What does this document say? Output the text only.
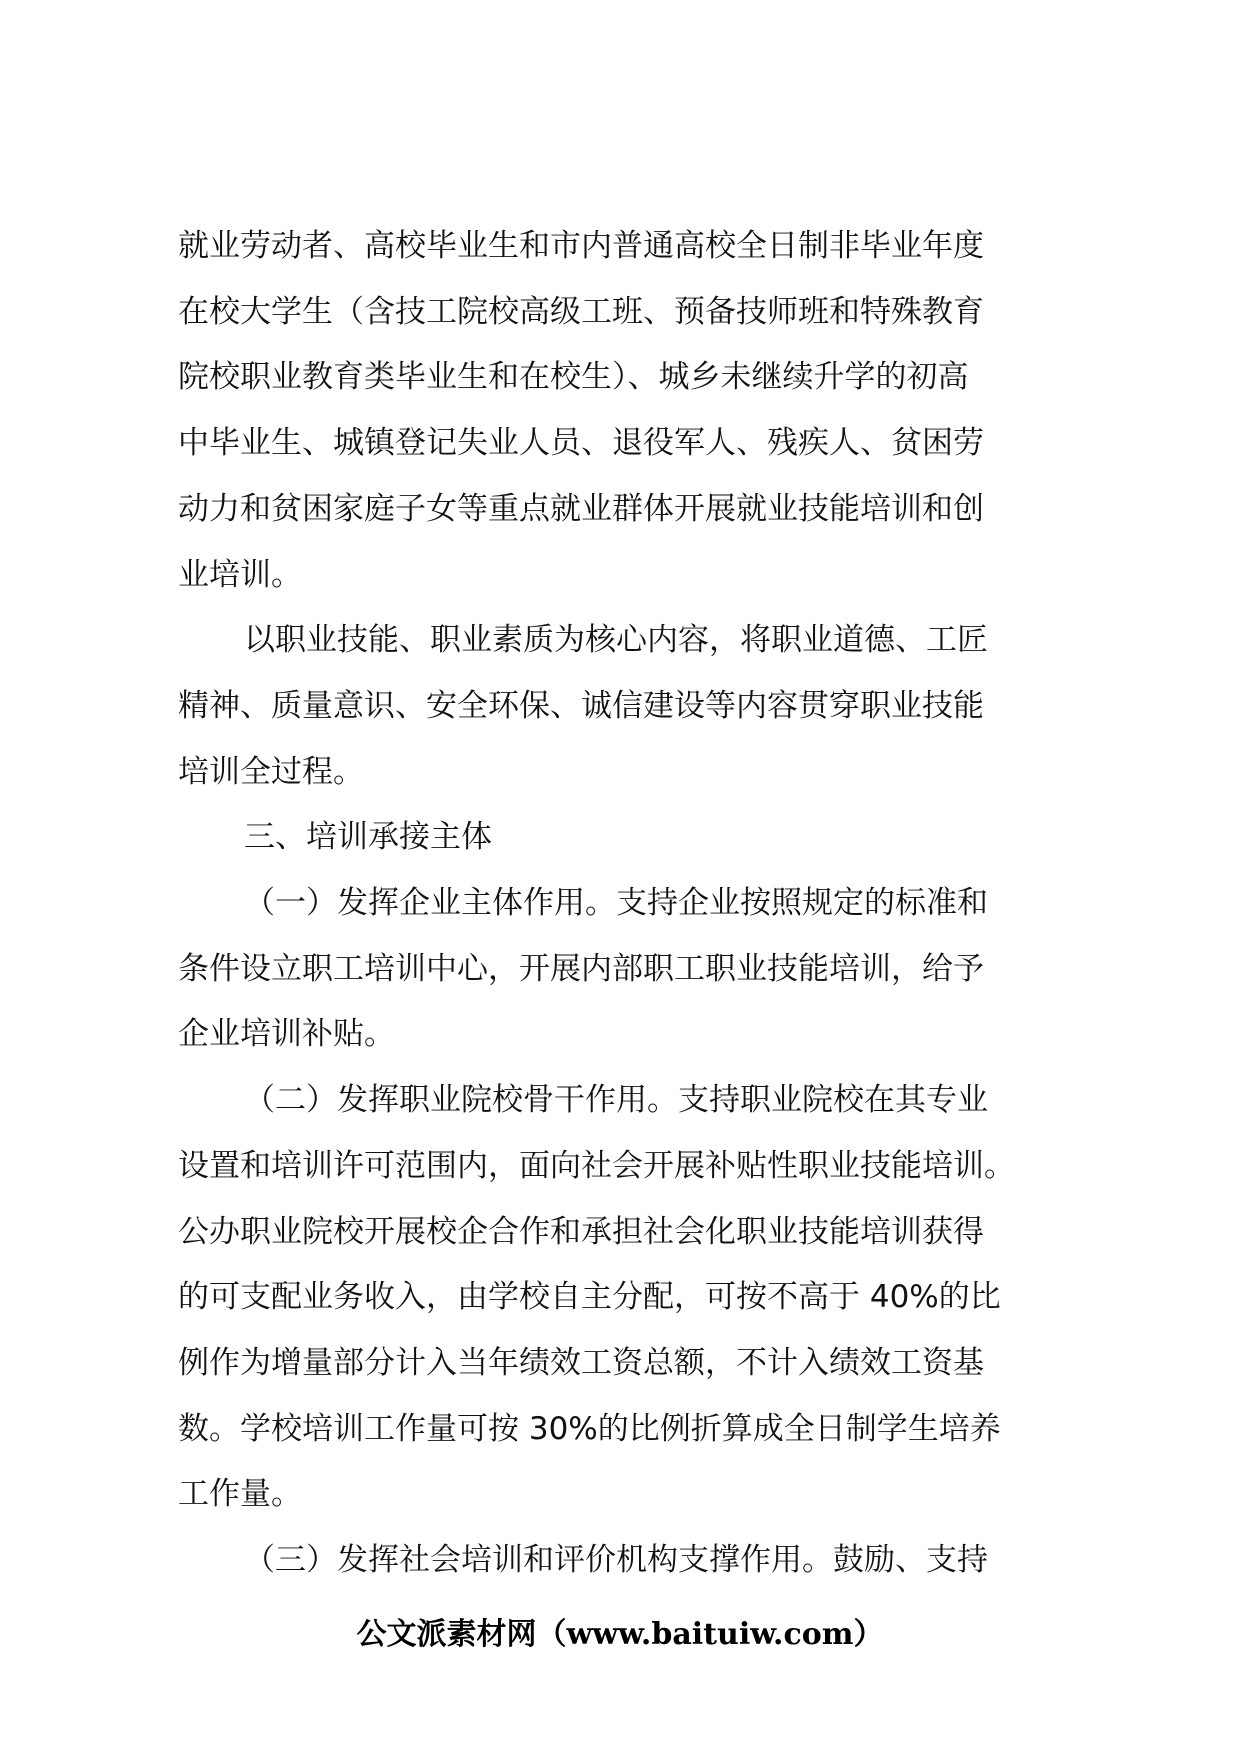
就业劳动者、高校毕业生和市内普通高校全日制非毕业年度
在校大学生（含技工院校高级工班、预备技师班和特殊教育
院校职业教育类毕业生和在校生）、城乡未继续升学的初高
中毕业生、城镇登记失业人员、退役军人、残疾人、贫困劳
动力和贫困家庭子女等重点就业群体开展就业技能培训和创
业培训。

以职业技能、职业素质为核心内容，将职业道德、工匠
精神、质量意识、安全环保、诚信建设等内容贯穿职业技能
培训全过程。

三、培训承接主体

（一）发挥企业主体作用。支持企业按照规定的标准和
条件设立职工培训中心，开展内部职工职业技能培训，给予
企业培训补贴。

（二）发挥职业院校骨干作用。支持职业院校在其专业
设置和培训许可范围内，面向社会开展补贴性职业技能培训。
公办职业院校开展校企合作和承担社会化职业技能培训获得
的可支配业务收入，由学校自主分配，可按不高于 40%的比
例作为增量部分计入当年绩效工资总额，不计入绩效工资基
数。学校培训工作量可按 30%的比例折算成全日制学生培养
工作量。

（三）发挥社会培训和评价机构支撑作用。鼓励、支持

公文派素材网（www.baituiw.com）
